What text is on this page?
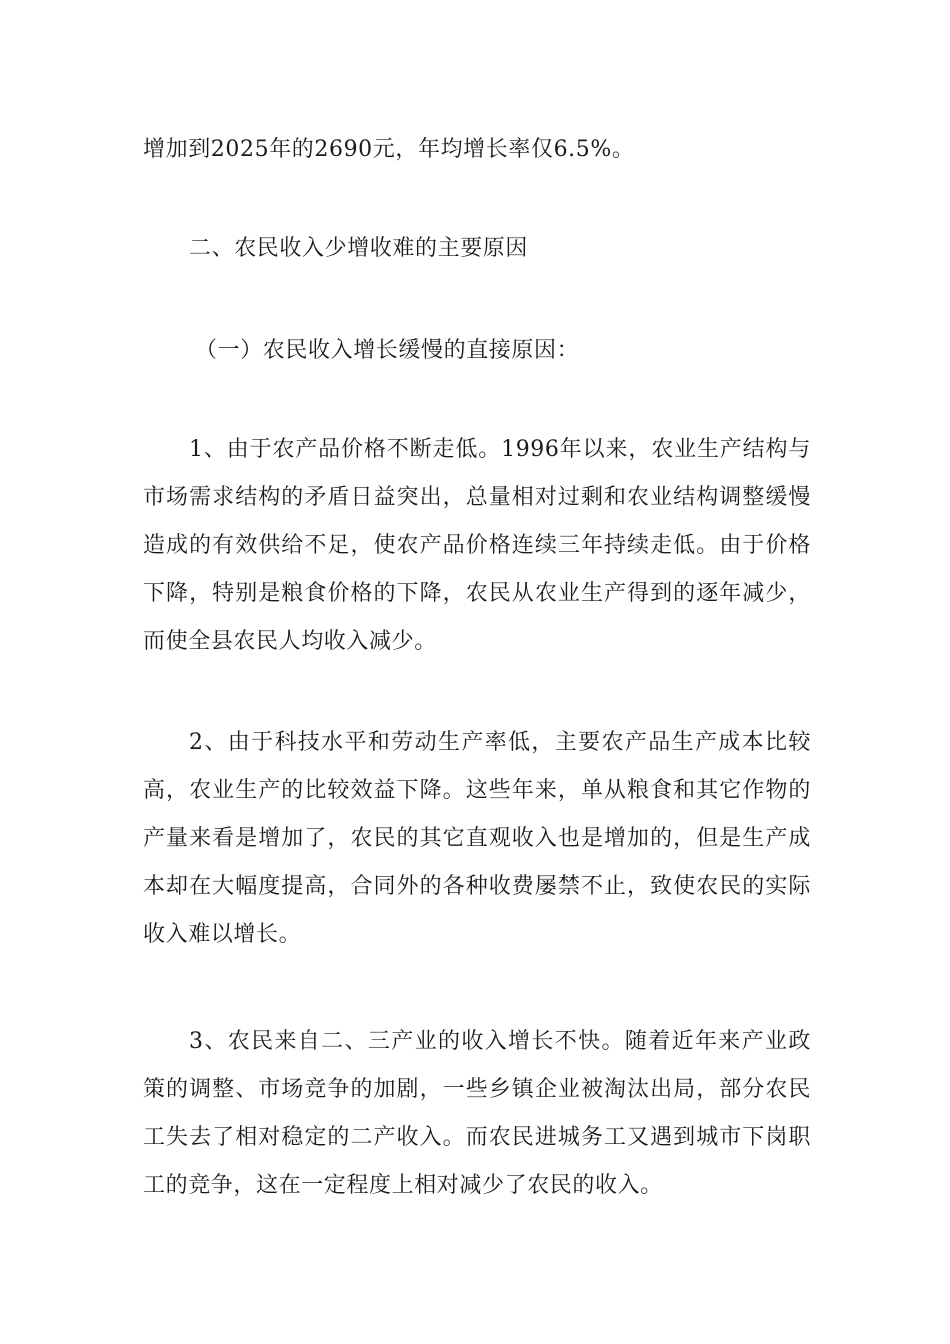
增加到2025年的2690元，年均增长率仅6.5%。

二、农民收入少增收难的主要原因

（一）农民收入增长缓慢的直接原因：

1、由于农产品价格不断走低。1996年以来，农业生产结构与市场需求结构的矛盾日益突出，总量相对过剩和农业结构调整缓慢造成的有效供给不足，使农产品价格连续三年持续走低。由于价格下降，特别是粮食价格的下降，农民从农业生产得到的逐年减少，而使全县农民人均收入减少。

2、由于科技水平和劳动生产率低，主要农产品生产成本比较高，农业生产的比较效益下降。这些年来，单从粮食和其它作物的产量来看是增加了，农民的其它直观收入也是增加的，但是生产成本却在大幅度提高，合同外的各种收费屡禁不止，致使农民的实际收入难以增长。

3、农民来自二、三产业的收入增长不快。随着近年来产业政策的调整、市场竞争的加剧，一些乡镇企业被淘汰出局，部分农民工失去了相对稳定的二产收入。而农民进城务工又遇到城市下岗职工的竞争，这在一定程度上相对减少了农民的收入。
